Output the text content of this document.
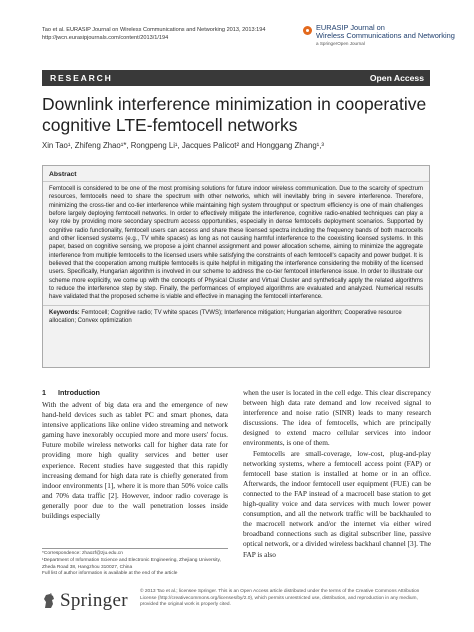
Tao et al. EURASIP Journal on Wireless Communications and Networking 2013, 2013:194
http://jwcn.eurasipjournals.com/content/2013/1/194
EURASIP Journal on
Wireless Communications and Networking
a SpringerOpen Journal
RESEARCH	Open Access
Downlink interference minimization in cooperative cognitive LTE-femtocell networks
Xin Tao¹, Zhifeng Zhao¹*, Rongpeng Li¹, Jacques Palicot² and Honggang Zhang¹,³
Abstract
Femtocell is considered to be one of the most promising solutions for future indoor wireless communication. Due to the scarcity of spectrum resources, femtocells need to share the spectrum with other networks, which will inevitably bring in severe interference. Therefore, minimizing the cross-tier and co-tier interference while maintaining high system throughput or spectrum efficiency is one of main challenges before largely deploying femtocell networks. In order to effectively mitigate the interference, cognitive radio-enabled techniques can play a key role by providing more secondary spectrum access opportunities, especially in dense femtocells deployment scenarios. Supported by cognitive radio functionality, femtocell users can access and share these licensed spectra including the frequency bands of both macrocells and other licensed systems (e.g., TV white spaces) as long as not causing harmful interference to the coexisting licensed systems. In this paper, based on cognitive sensing, we propose a joint channel assignment and power allocation scheme, aiming to minimize the aggregate interference from multiple femtocells to the licensed users while satisfying the constraints of each femtocell's capacity and power budget. It is believed that the cooperation among multiple femtocells is quite helpful in mitigating the interference considering the mobility of the licensed users. Specifically, Hungarian algorithm is involved in our scheme to address the co-tier femtocell interference issue. In order to illustrate our scheme more explicitly, we come up with the concepts of Physical Cluster and Virtual Cluster and synthetically apply the related algorithms to reduce the interference step by step. Finally, the performances of employed algorithms are evaluated and analyzed. Numerical results have validated that the proposed scheme is viable and effective in managing the femtocell interference.
Keywords: Femtocell; Cognitive radio; TV white spaces (TVWS); Interference mitigation; Hungarian algorithm; Cooperative resource allocation; Convex optimization
1 Introduction

With the advent of big data era and the emergence of new hand-held devices such as tablet PC and smart phones, data intensive applications like online video streaming and network gaming have inexorably occupied more and more users' focus. Future mobile wireless networks call for higher data rate for providing more high quality services and better user experience. Recent studies have suggested that this rapidly increasing demand for high data rate is chiefly generated from indoor environments [1], where it is more than 50% voice calls and 70% data traffic [2]. However, indoor radio coverage is generally poor due to the wall penetration losses inside buildings especially

when the user is located in the cell edge. This clear discrepancy between high data rate demand and low received signal to interference and noise ratio (SINR) leads to many research discussions. The idea of femtocells, which are principally designed to extend macro cellular services into indoor environments, is one of them.

Femtocells are small-coverage, low-cost, plug-and-play networking systems, where a femtocell access point (FAP) or femtocell base station is installed at home or in an office. Afterwards, the indoor femtocell user equipment (FUE) can be connected to the FAP instead of a macrocell base station to get high-quality voice and data services with much lower power consumption, and all the network traffic will be backhauled to the macrocell network and/or the internet via either wired broadband connections such as digital subscriber line, passive optical network, or a divided wireless backhaul channel [3]. The FAP is also

*Correspondence: zhaozf@zju.edu.cn
¹Department of Information Science and Electronic Engineering, Zhejiang University, Zheda Road 38, Hangzhou 310027, China
Full list of author information is available at the end of the article
Springer	© 2013 Tao et al.; licensee Springer. This is an Open Access article distributed under the terms of the Creative Commons Attribution License (http://creativecommons.org/licenses/by/2.0), which permits unrestricted use, distribution, and reproduction in any medium, provided the original work is properly cited.
